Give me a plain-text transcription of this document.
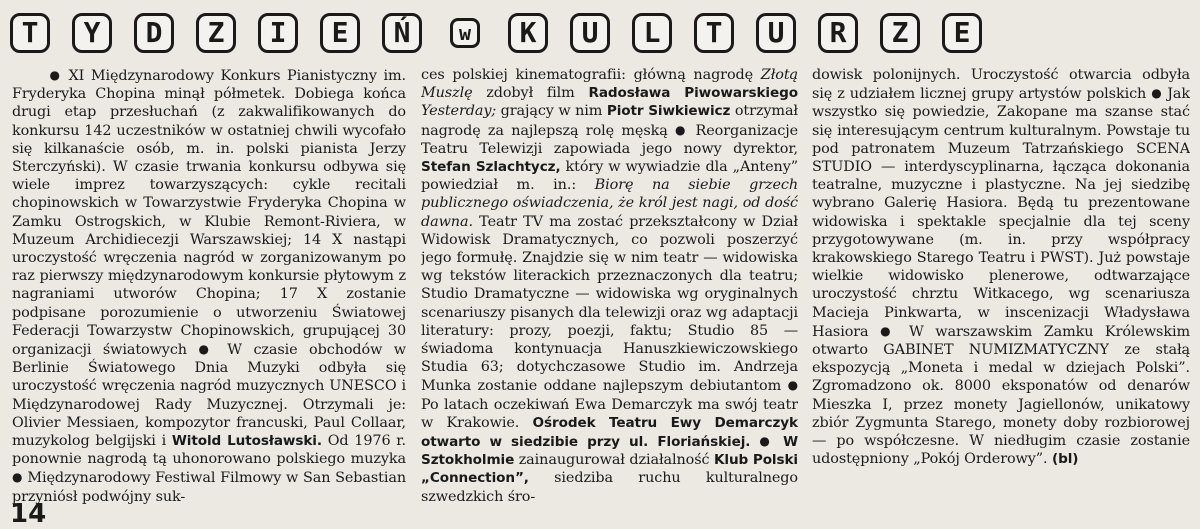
T	Y	D	Z	I	E	Ń	w	K	U	L	T	U	R	Z	E

● XI Międzynarodowy Konkurs Pianistyczny im. Fryderyka Chopina minął półmetek. Dobiega końca drugi etap przesłuchań (z zakwalifikowanych do konkursu 142 uczestników w ostatniej chwili wycofało się kilkanaście osób, m. in. polski pianista Jerzy Sterczyński). W czasie trwania konkursu odbywa się wiele imprez towarzyszących: cykle recitali chopinowskich w Towarzystwie Fryderyka Chopina w Zamku Ostrogskich, w Klubie Remont-Riviera, w Muzeum Archidiecezji Warszawskiej; 14 X nastąpi uroczystość wręczenia nagród w zorganizowanym po raz pierwszy międzynarodowym konkursie płytowym z nagraniami utworów Chopina; 17 X zostanie podpisane porozumienie o utworzeniu Światowej Federacji Towarzystw Chopinowskich, grupującej 30 organizacji światowych ● W czasie obchodów w Berlinie Światowego Dnia Muzyki odbyła się uroczystość wręczenia nagród muzycznych UNESCO i Międzynarodowej Rady Muzycznej. Otrzymali je: Olivier Messiaen, kompozytor francuski, Paul Collaar, muzykolog belgijski i Witold Lutosławski. Od 1976 r. ponownie nagrodą tą uhonorowano polskiego muzyka ● Międzynarodowy Festiwal Filmowy w San Sebastian przyniósł podwójny suk-

ces polskiej kinematografii: główną nagrodę Złotą Muszlę zdobył film Radosława Piwowarskiego Yesterday; grający w nim Piotr Siwkiewicz otrzymał nagrodę za najlepszą rolę męską ● Reorganizacje Teatru Telewizji zapowiada jego nowy dyrektor, Stefan Szlachtycz, który w wywiadzie dla „Anteny” powiedział m. in.: Biorę na siebie grzech publicznego oświadczenia, że król jest nagi, od dość dawna. Teatr TV ma zostać przekształcony w Dział Widowisk Dramatycznych, co pozwoli poszerzyć jego formułę. Znajdzie się w nim teatr — widowiska wg tekstów literackich przeznaczonych dla teatru; Studio Dramatyczne — widowiska wg oryginalnych scenariuszy pisanych dla telewizji oraz wg adaptacji literatury: prozy, poezji, faktu; Studio 85 — świadoma kontynuacja Hanuszkiewiczowskiego Studia 63; dotychczasowe Studio im. Andrzeja Munka zostanie oddane najlepszym debiutantom ● Po latach oczekiwań Ewa Demarczyk ma swój teatr w Krakowie. Ośrodek Teatru Ewy Demarczyk otwarto w siedzibie przy ul. Floriańskiej. ● W Sztokholmie zainaugurował działalność Klub Polski „Connection”, siedziba ruchu kulturalnego szwedzkich śro-

dowisk polonijnych. Uroczystość otwarcia odbyła się z udziałem licznej grupy artystów polskich ● Jak wszystko się powiedzie, Zakopane ma szanse stać się interesującym centrum kulturalnym. Powstaje tu pod patronatem Muzeum Tatrzańskiego SCENA STUDIO — interdyscyplinarna, łącząca dokonania teatralne, muzyczne i plastyczne. Na jej siedzibę wybrano Galerię Hasiora. Będą tu prezentowane widowiska i spektakle specjalnie dla tej sceny przygotowywane (m. in. przy współpracy krakowskiego Starego Teatru i PWST). Już powstaje wielkie widowisko plenerowe, odtwarzające uroczystość chrztu Witkacego, wg scenariusza Macieja Pinkwarta, w inscenizacji Władysława Hasiora ● W warszawskim Zamku Królewskim otwarto GABINET NUMIZMATYCZNY ze stałą ekspozycją „Moneta i medal w dziejach Polski”. Zgromadzono ok. 8000 eksponatów od denarów Mieszka I, przez monety Jagiellonów, unikatowy zbiór Zygmunta Starego, monety doby rozbiorowej — po współczesne. W niedługim czasie zostanie udostępniony „Pokój Orderowy”. (bl)

14
